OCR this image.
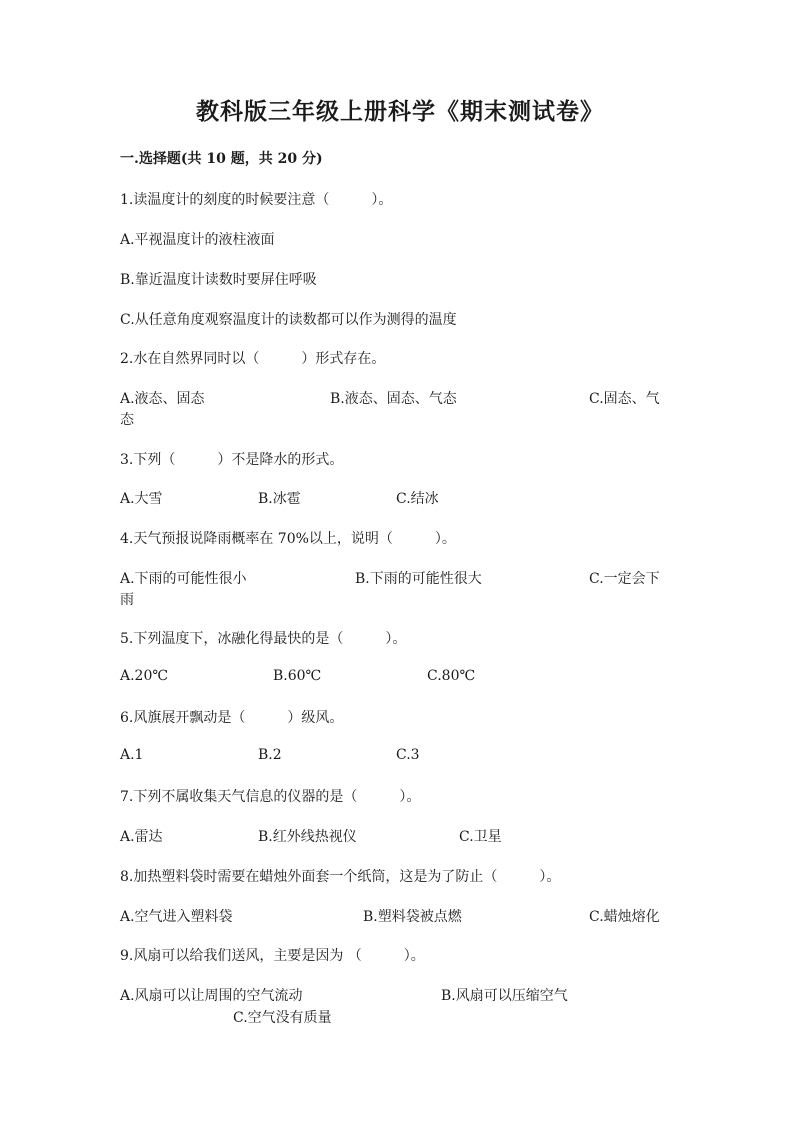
教科版三年级上册科学《期末测试卷》
一.选择题(共 10 题，共 20 分)
1.读温度计的刻度的时候要注意（　　　）。
A.平视温度计的液柱液面
B.靠近温度计读数时要屏住呼吸
C.从任意角度观察温度计的读数都可以作为测得的温度
2.水在自然界同时以（　　　）形式存在。
A.液态、固态	B.液态、固态、气态	C.固态、气
态
3.下列（　　　）不是降水的形式。
A.大雪	B.冰雹	C.结冰
4.天气预报说降雨概率在 70%以上，说明（　　　）。
A.下雨的可能性很小	B.下雨的可能性很大	C.一定会下
雨
5.下列温度下，冰融化得最快的是（　　　）。
A.20℃	B.60℃	C.80℃
6.风旗展开飘动是（　　　）级风。
A.1	B.2	C.3
7.下列不属收集天气信息的仪器的是（　　　）。
A.雷达	B.红外线热视仪	C.卫星
8.加热塑料袋时需要在蜡烛外面套一个纸筒，这是为了防止（　　　）。
A.空气进入塑料袋	B.塑料袋被点燃	C.蜡烛熔化
9.风扇可以给我们送风，主要是因为 （　　　）。
A.风扇可以让周围的空气流动	B.风扇可以压缩空气
C.空气没有质量
